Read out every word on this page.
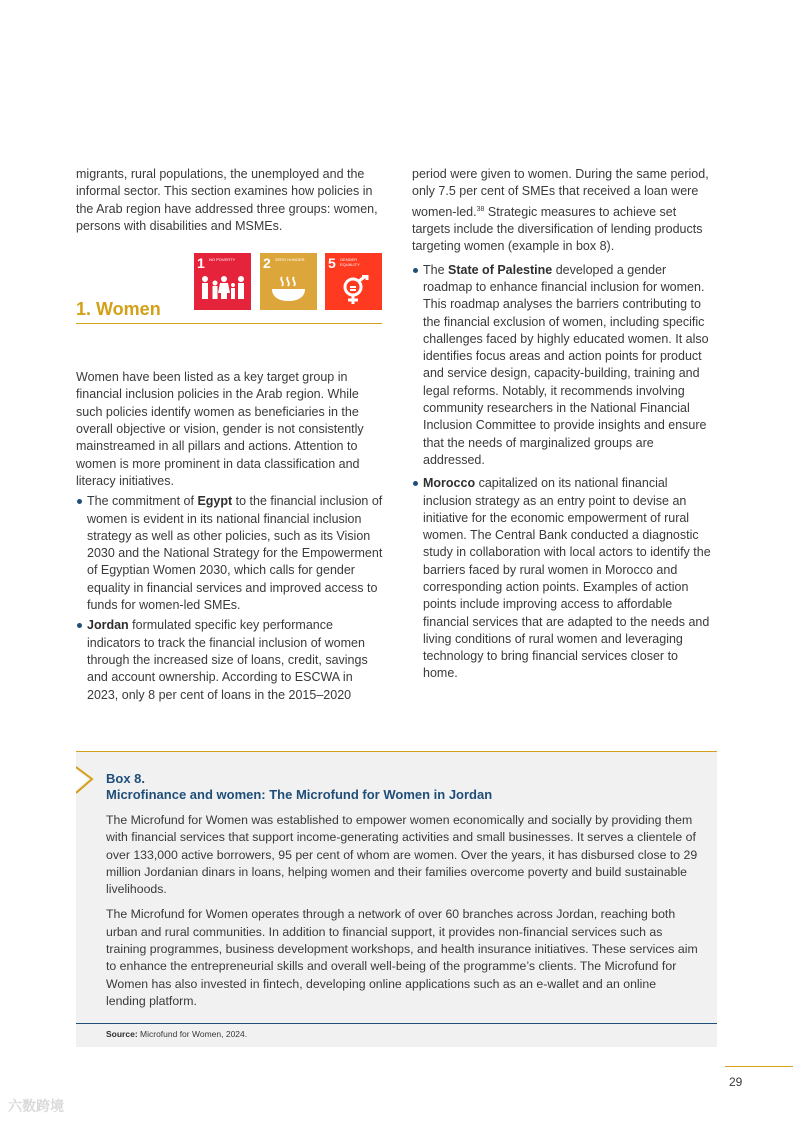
migrants, rural populations, the unemployed and the informal sector. This section examines how policies in the Arab region have addressed three groups: women, persons with disabilities and MSMEs.

1 NO POVERTY	2 ZERO HUNGER	5 GENDER EQUALITY
1. Women

Women have been listed as a key target group in financial inclusion policies in the Arab region. While such policies identify women as beneficiaries in the overall objective or vision, gender is not consistently mainstreamed in all pillars and actions. Attention to women is more prominent in data classification and literacy initiatives.

The commitment of Egypt to the financial inclusion of women is evident in its national financial inclusion strategy as well as other policies, such as its Vision 2030 and the National Strategy for the Empowerment of Egyptian Women 2030, which calls for gender equality in financial services and improved access to funds for women-led SMEs.

Jordan formulated specific key performance indicators to track the financial inclusion of women through the increased size of loans, credit, savings and account ownership. According to ESCWA in 2023, only 8 per cent of loans in the 2015–2020

period were given to women. During the same period, only 7.5 per cent of SMEs that received a loan were women-led.$^{38}$ Strategic measures to achieve set targets include the diversification of lending products targeting women (example in box 8).

The State of Palestine developed a gender roadmap to enhance financial inclusion for women. This roadmap analyses the barriers contributing to the financial exclusion of women, including specific challenges faced by highly educated women. It also identifies focus areas and action points for product and service design, capacity-building, training and legal reforms. Notably, it recommends involving community researchers in the National Financial Inclusion Committee to provide insights and ensure that the needs of marginalized groups are addressed.

Morocco capitalized on its national financial inclusion strategy as an entry point to devise an initiative for the economic empowerment of rural women. The Central Bank conducted a diagnostic study in collaboration with local actors to identify the barriers faced by rural women in Morocco and corresponding action points. Examples of action points include improving access to affordable financial services that are adapted to the needs and living conditions of rural women and leveraging technology to bring financial services closer to home.

Box 8.
Microfinance and women: The Microfund for Women in Jordan

The Microfund for Women was established to empower women economically and socially by providing them with financial services that support income-generating activities and small businesses. It serves a clientele of over 133,000 active borrowers, 95 per cent of whom are women. Over the years, it has disbursed close to 29 million Jordanian dinars in loans, helping women and their families overcome poverty and build sustainable livelihoods.

The Microfund for Women operates through a network of over 60 branches across Jordan, reaching both urban and rural communities. In addition to financial support, it provides non-financial services such as training programmes, business development workshops, and health insurance initiatives. These services aim to enhance the entrepreneurial skills and overall well-being of the programme’s clients. The Microfund for Women has also invested in fintech, developing online applications such as an e-wallet and an online lending platform.

Source: Microfund for Women, 2024.
29
六数跨境
